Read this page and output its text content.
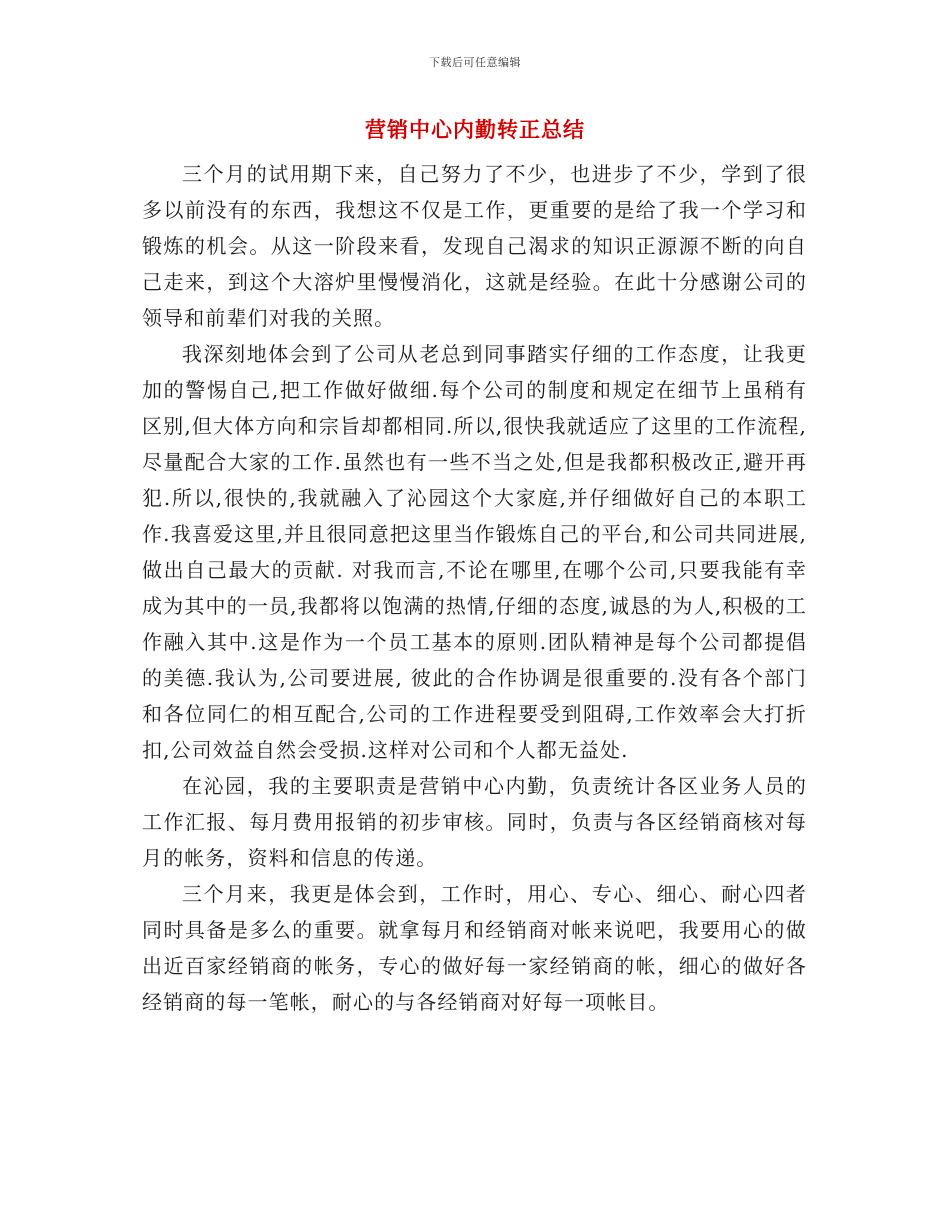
下载后可任意编辑
营销中心内勤转正总结

三个月的试用期下来，自己努力了不少，也进步了不少，学到了很多以前没有的东西，我想这不仅是工作，更重要的是给了我一个学习和锻炼的机会。从这一阶段来看，发现自己渴求的知识正源源不断的向自己走来，到这个大溶炉里慢慢消化，这就是经验。在此十分感谢公司的领导和前辈们对我的关照。

我深刻地体会到了公司从老总到同事踏实仔细的工作态度，让我更加的警惕自己,把工作做好做细.每个公司的制度和规定在细节上虽稍有区别,但大体方向和宗旨却都相同.所以,很快我就适应了这里的工作流程,尽量配合大家的工作.虽然也有一些不当之处,但是我都积极改正,避开再犯.所以,很快的,我就融入了沁园这个大家庭,并仔细做好自己的本职工作.我喜爱这里,并且很同意把这里当作锻炼自己的平台,和公司共同进展,做出自己最大的贡献. 对我而言,不论在哪里,在哪个公司,只要我能有幸成为其中的一员,我都将以饱满的热情,仔细的态度,诚恳的为人,积极的工作融入其中.这是作为一个员工基本的原则.团队精神是每个公司都提倡的美德.我认为,公司要进展, 彼此的合作协调是很重要的.没有各个部门和各位同仁的相互配合,公司的工作进程要受到阻碍,工作效率会大打折扣,公司效益自然会受损.这样对公司和个人都无益处.

在沁园，我的主要职责是营销中心内勤，负责统计各区业务人员的工作汇报、每月费用报销的初步审核。同时，负责与各区经销商核对每月的帐务，资料和信息的传递。

三个月来，我更是体会到，工作时，用心、专心、细心、耐心四者同时具备是多么的重要。就拿每月和经销商对帐来说吧，我要用心的做出近百家经销商的帐务，专心的做好每一家经销商的帐，细心的做好各经销商的每一笔帐，耐心的与各经销商对好每一项帐目。
